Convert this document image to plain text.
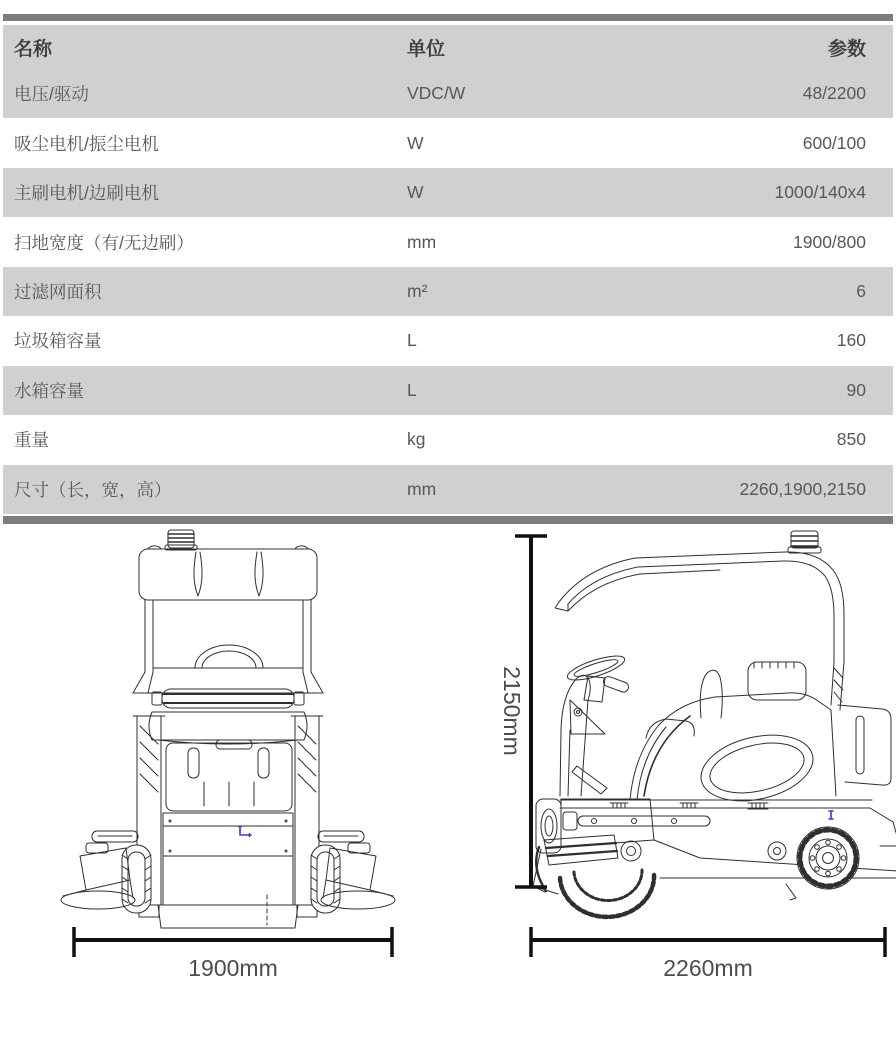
名称	单位	参数
电压/驱动	VDC/W	48/2200
吸尘电机/振尘电机	W	600/100
主刷电机/边刷电机	W	1000/140x4
扫地宽度（有/无边刷）	mm	1900/800
过滤网面积	m²	6
垃圾箱容量	L	160
水箱容量	L	90
重量	kg	850
尺寸（长，宽，高）	mm	2260,1900,2150
1900mm	2260mm
2150mm
